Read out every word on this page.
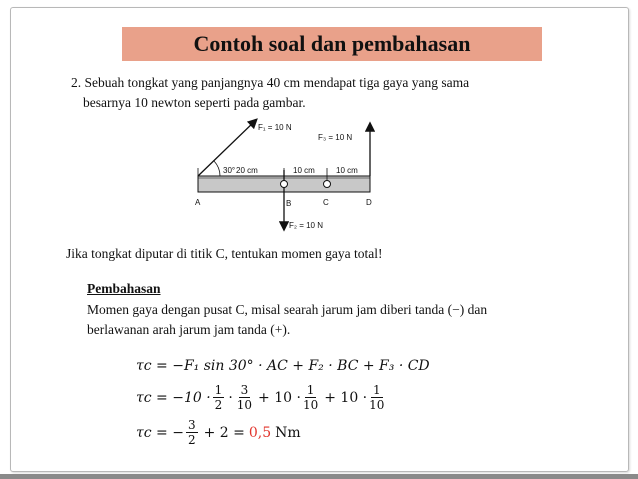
Contoh soal dan pembahasan
2. Sebuah tongkat yang panjangnya 40 cm mendapat tiga gaya yang sama
besarnya 10 newton seperti pada gambar.
F₁ = 10 N
F₃ = 10 N
F₂ = 10 N
30° 20 cm	10 cm	10 cm
A	B	C	D
Jika tongkat diputar di titik C, tentukan momen gaya total!
Pembahasan
Momen gaya dengan pusat C, misal searah jarum jam diberi tanda (−) dan
berlawanan arah jarum jam tanda (+).
τc = −F₁ sin 30° · AC + F₂ · BC + F₃ · CD
$\tau c = -10 \cdot \frac{1}{2} \cdot \frac{3}{10} + 10 \cdot \frac{1}{10} + 10 \cdot \frac{1}{10}$
τc = − $\frac{3}{2} + 2 = 0,5$ Nm
